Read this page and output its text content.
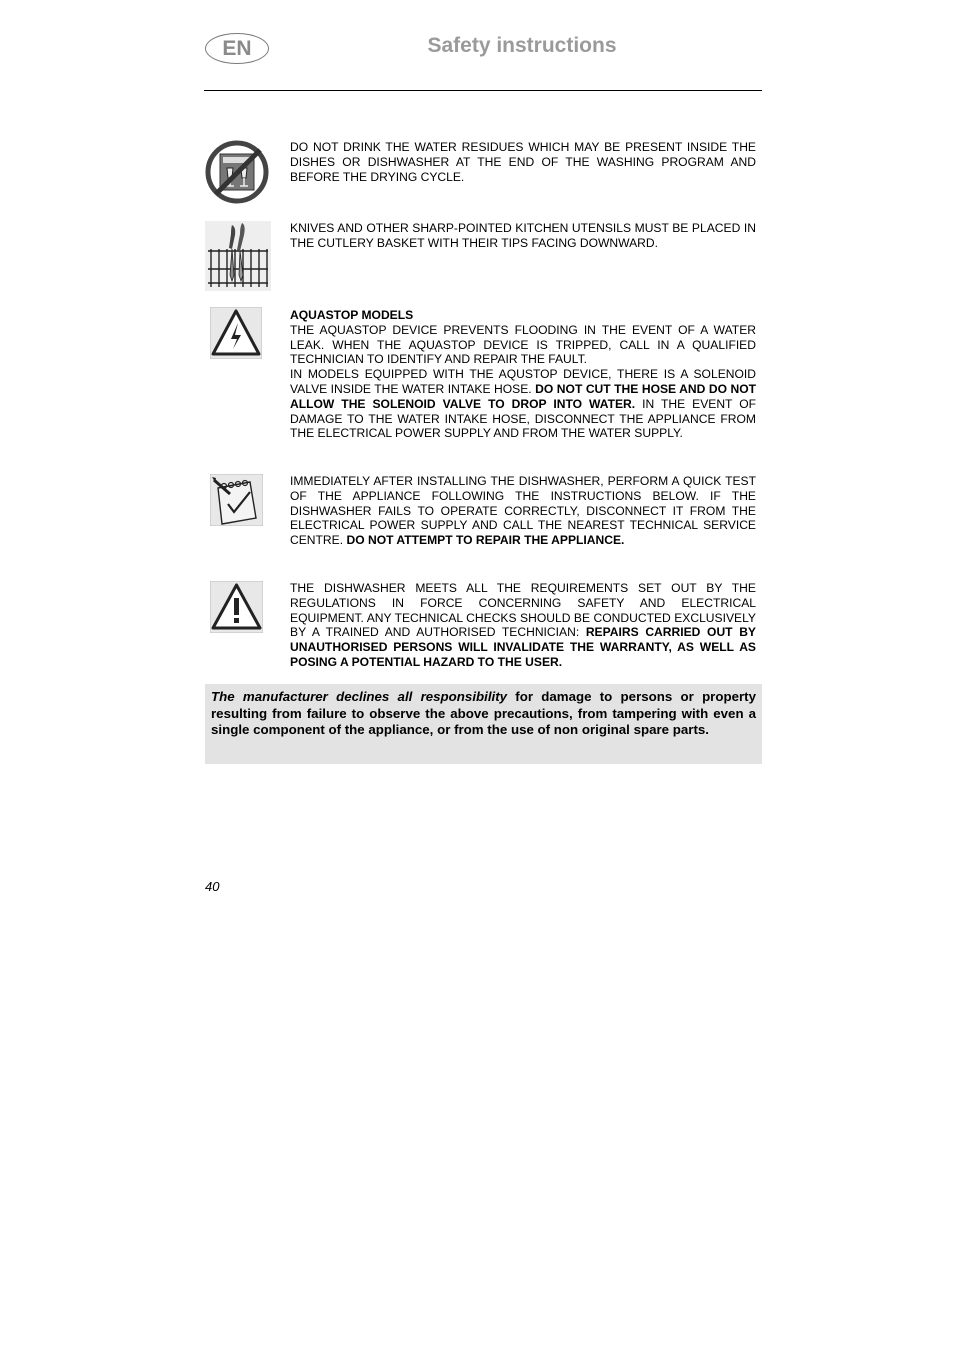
EN	Safety instructions
DO NOT DRINK THE WATER RESIDUES WHICH MAY BE PRESENT INSIDE THE DISHES OR DISHWASHER AT THE END OF THE WASHING PROGRAM AND BEFORE THE DRYING CYCLE.
KNIVES AND OTHER SHARP-POINTED KITCHEN UTENSILS MUST BE PLACED IN THE CUTLERY BASKET WITH THEIR TIPS FACING DOWNWARD.
AQUASTOP MODELS
THE AQUASTOP DEVICE PREVENTS FLOODING IN THE EVENT OF A WATER LEAK. WHEN THE AQUASTOP DEVICE IS TRIPPED, CALL IN A QUALIFIED TECHNICIAN TO IDENTIFY AND REPAIR THE FAULT.
IN MODELS EQUIPPED WITH THE AQUSTOP DEVICE, THERE IS A SOLENOID VALVE INSIDE THE WATER INTAKE HOSE. DO NOT CUT THE HOSE AND DO NOT ALLOW THE SOLENOID VALVE TO DROP INTO WATER. IN THE EVENT OF DAMAGE TO THE WATER INTAKE HOSE, DISCONNECT THE APPLIANCE FROM THE ELECTRICAL POWER SUPPLY AND FROM THE WATER SUPPLY.
IMMEDIATELY AFTER INSTALLING THE DISHWASHER, PERFORM A QUICK TEST OF THE APPLIANCE FOLLOWING THE INSTRUCTIONS BELOW. IF THE DISHWASHER FAILS TO OPERATE CORRECTLY, DISCONNECT IT FROM THE ELECTRICAL POWER SUPPLY AND CALL THE NEAREST TECHNICAL SERVICE CENTRE. DO NOT ATTEMPT TO REPAIR THE APPLIANCE.
THE DISHWASHER MEETS ALL THE REQUIREMENTS SET OUT BY THE REGULATIONS IN FORCE CONCERNING SAFETY AND ELECTRICAL EQUIPMENT. ANY TECHNICAL CHECKS SHOULD BE CONDUCTED EXCLUSIVELY BY A TRAINED AND AUTHORISED TECHNICIAN: REPAIRS CARRIED OUT BY UNAUTHORISED PERSONS WILL INVALIDATE THE WARRANTY, AS WELL AS POSING A POTENTIAL HAZARD TO THE USER.
The manufacturer declines all responsibility for damage to persons or property resulting from failure to observe the above precautions, from tampering with even a single component of the appliance, or from the use of non original spare parts.
40
